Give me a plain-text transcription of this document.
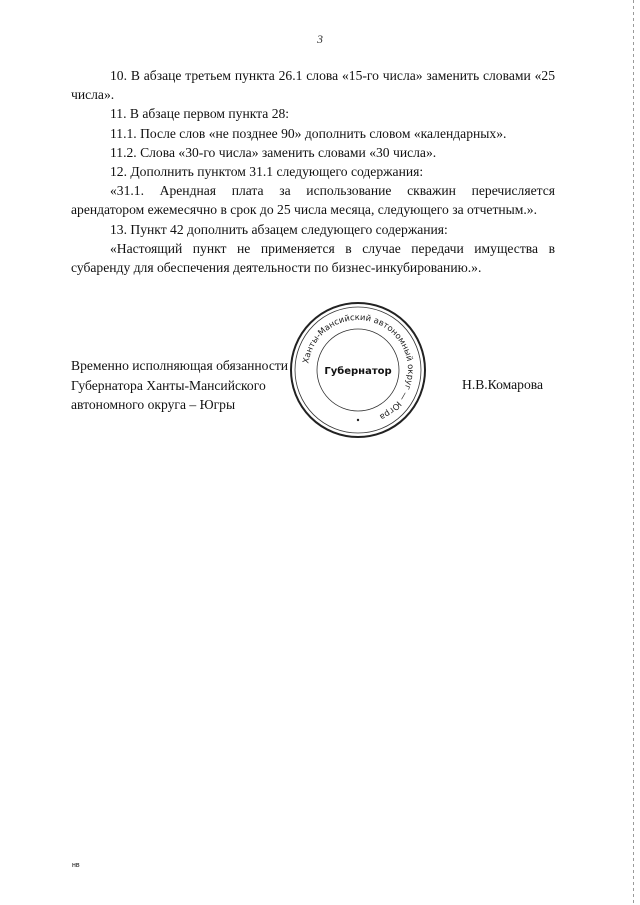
3

10. В абзаце третьем пункта 26.1 слова «15-го числа» заменить словами «25 числа».

11. В абзаце первом пункта 28:

11.1. После слов «не позднее 90» дополнить словом «календарных».

11.2. Слова «30-го числа» заменить словами «30 числа».

12. Дополнить пунктом 31.1 следующего содержания:

«31.1. Арендная плата за использование скважин перечисляется арендатором ежемесячно в срок до 25 числа месяца, следующего за отчетным.».

13. Пункт 42 дополнить абзацем следующего содержания:

«Настоящий пункт не применяется в случае передачи имущества в субаренду для обеспечения деятельности по бизнес-инкубированию.».

Ханты-Мансийский автономный округ — Югра
Губернатор
Временно исполняющая обязанности
Губернатора Ханты-Мансийского
автономного округа – Югры
Н.В.Комарова
нв
